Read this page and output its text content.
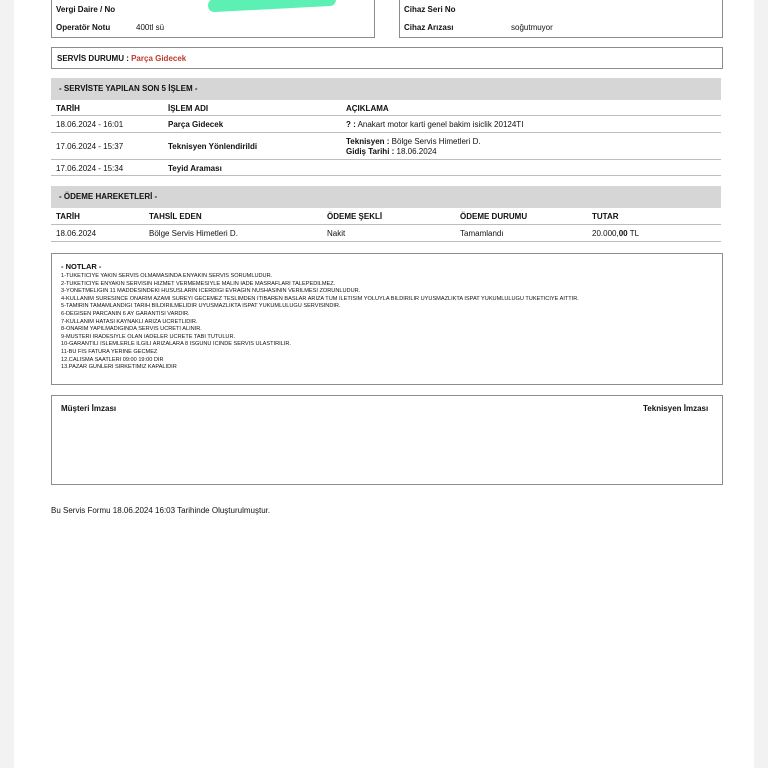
Vergi Daire / No
Operatör Notu	400tl sü
Cihaz Seri No
Cihaz Arızası	soğutmuyor
SERVİS DURUMU : Parça Gidecek
- SERVİSTE YAPILAN SON 5 İŞLEM -
TARİH	İŞLEM ADI	AÇIKLAMA
18.06.2024 - 16:01	Parça Gidecek	? : Anakart motor karti genel bakim isiclik 20124TI
17.06.2024 - 15:37	Teknisyen Yönlendirildi
Teknisyen : Bölge Servis Himetleri D.
Gidiş Tarihi : 18.06.2024
17.06.2024 - 15:34	Teyid Araması
- ÖDEME HAREKETLERİ -
TARİH	TAHSİL EDEN	ÖDEME ŞEKLİ	ÖDEME DURUMU	TUTAR
18.06.2024	Bölge Servis Himetleri D.	Nakit	Tamamlandı	20.000,00 TL
- NOTLAR -
1-TUKETICIYE YAKIN SERVIS OLMAMASINDA ENYAKIN SERVIS SORUMLUDUR.
2-TUKETICIYE ENYAKIN SERVISIN HIZMET VERMEMESIYLE MALIN IADE MASRAFLARI TALEPEDILMEZ.
3-YONETMELIGIN 11 MADDESINDEKI HUSUSLARIN ICERDIGI EVRAGIN NUSHASININ VERILMESI ZORUNLUDUR.
4-KULLANIM SURESINCE ONARIM AZAMI SUREYI GECEMEZ TESLIMDEN ITIBAREN BASLAR ARIZA TUM ILETISIM YOLUYLA BILDIRILIR UYUSMAZLIKTA ISPAT YUKUMLULUGU TUKETICIYE AITTIR.
5-TAMIRIN TAMAMLANDIGI TARIH BILDIRILMELIDIR UYUSMAZLIKTA ISPAT YUKUMLULUGU SERVISINDIR.
6-DEGISEN PARCANIN 6 AY GARANTISI VARDIR.
7-KULLANIM HATASI KAYNAKLI ARIZA UCRETLIDIR.
8-ONARIM YAPILMADIGINDA SERVIS UCRETI ALINIR.
9-MUSTERI IRADESIYLE OLAN IADELER UCRETE TABI TUTULUR.
10-GARANTILI ISLEMLERLE ILGILI ARIZALARA 8 ISGUNU ICINDE SERVIS ULASTIRILIR.
11-BU FIS FATURA YERINE GECMEZ
12.CALISMA SAATLERI 09:00 19:00 DIR
13.PAZAR GUNLERI SIRKETIMIZ KAPALIDIR
Müşteri İmzası	Teknisyen İmzası
Bu Servis Formu 18.06.2024 16:03 Tarihinde Oluşturulmuştur.
